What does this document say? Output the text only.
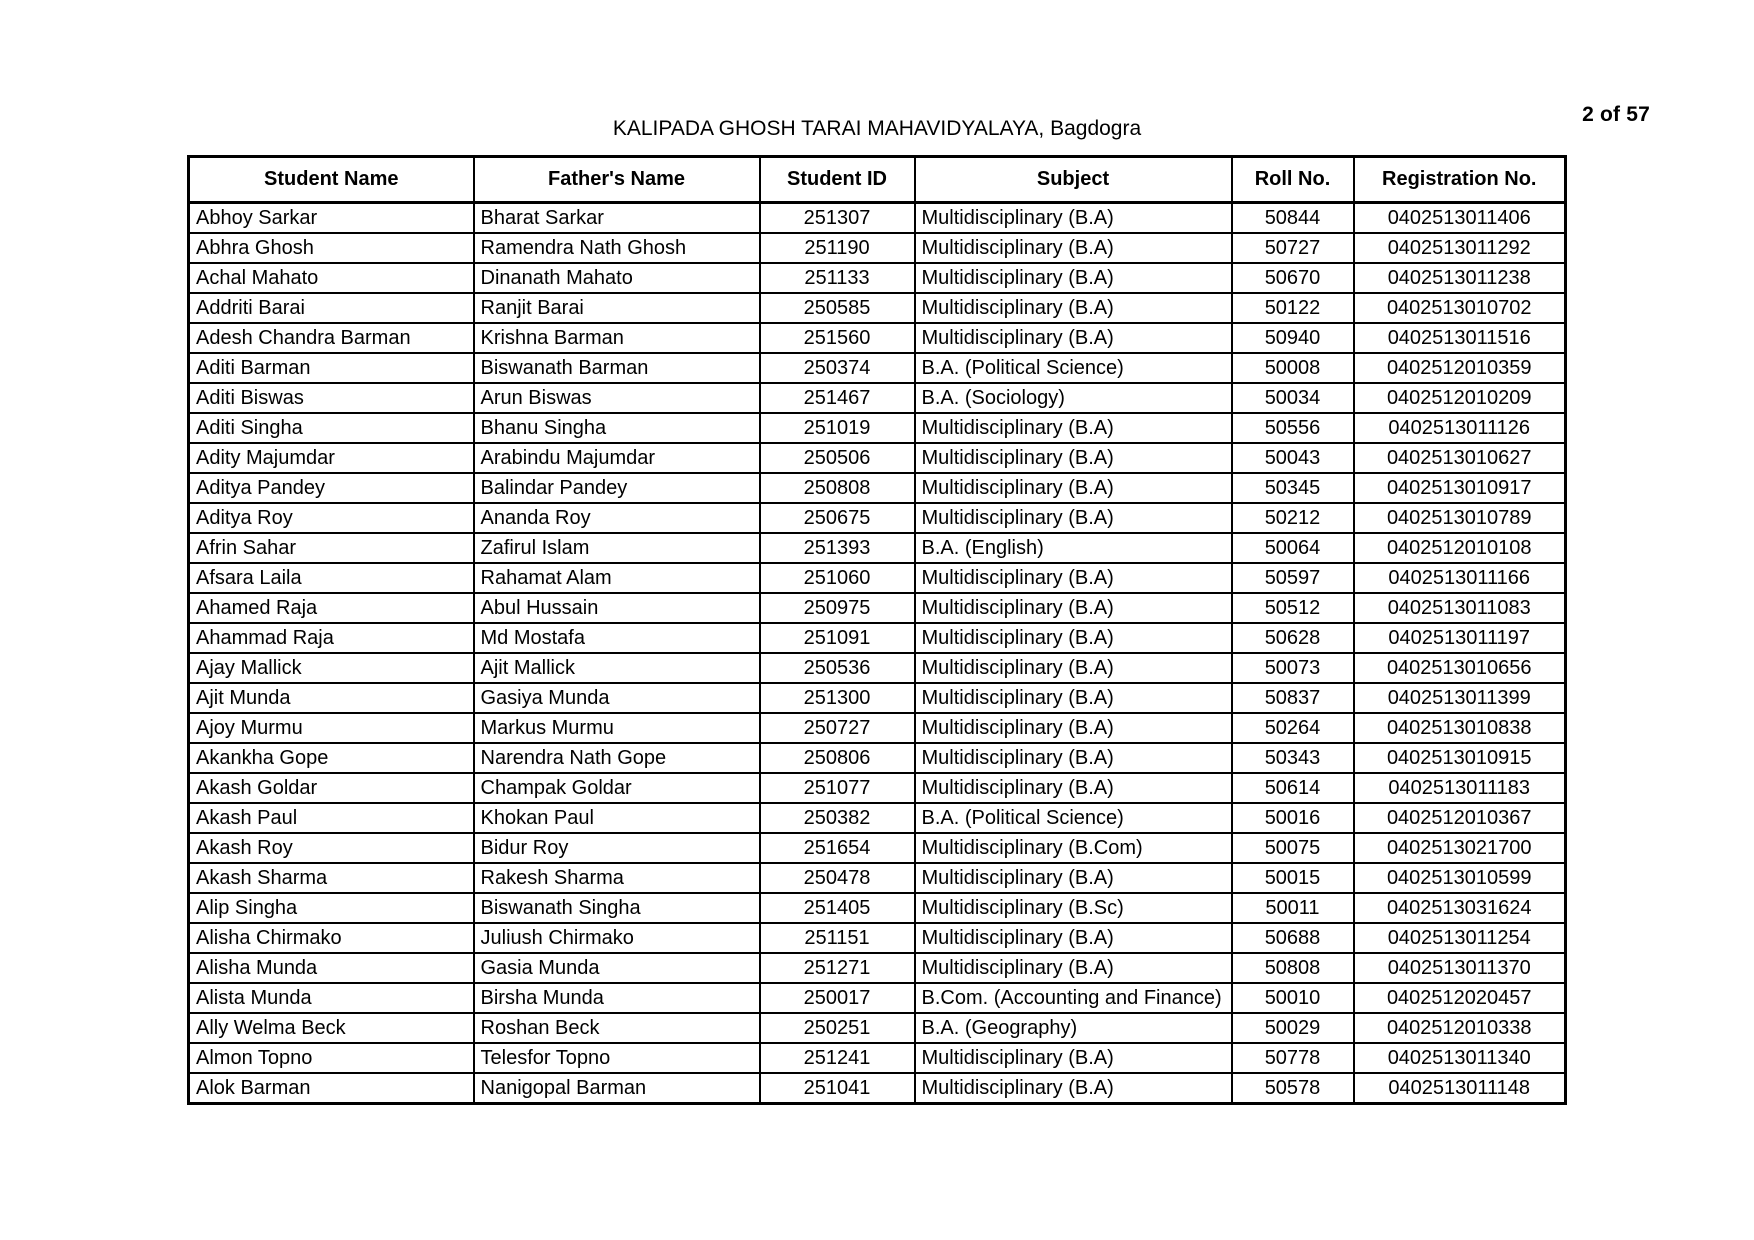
2 of 57
KALIPADA GHOSH TARAI MAHAVIDYALAYA, Bagdogra
Student Name	Father's Name	Student ID	Subject	Roll No.	Registration No.
Abhoy Sarkar	Bharat Sarkar	251307	Multidisciplinary (B.A)	50844	0402513011406
Abhra Ghosh	Ramendra Nath Ghosh	251190	Multidisciplinary (B.A)	50727	0402513011292
Achal Mahato	Dinanath Mahato	251133	Multidisciplinary (B.A)	50670	0402513011238
Addriti Barai	Ranjit Barai	250585	Multidisciplinary (B.A)	50122	0402513010702
Adesh Chandra Barman	Krishna Barman	251560	Multidisciplinary (B.A)	50940	0402513011516
Aditi Barman	Biswanath Barman	250374	B.A. (Political Science)	50008	0402512010359
Aditi Biswas	Arun Biswas	251467	B.A. (Sociology)	50034	0402512010209
Aditi Singha	Bhanu Singha	251019	Multidisciplinary (B.A)	50556	0402513011126
Adity Majumdar	Arabindu Majumdar	250506	Multidisciplinary (B.A)	50043	0402513010627
Aditya Pandey	Balindar Pandey	250808	Multidisciplinary (B.A)	50345	0402513010917
Aditya Roy	Ananda Roy	250675	Multidisciplinary (B.A)	50212	0402513010789
Afrin Sahar	Zafirul Islam	251393	B.A. (English)	50064	0402512010108
Afsara Laila	Rahamat Alam	251060	Multidisciplinary (B.A)	50597	0402513011166
Ahamed Raja	Abul Hussain	250975	Multidisciplinary (B.A)	50512	0402513011083
Ahammad Raja	Md Mostafa	251091	Multidisciplinary (B.A)	50628	0402513011197
Ajay Mallick	Ajit Mallick	250536	Multidisciplinary (B.A)	50073	0402513010656
Ajit Munda	Gasiya Munda	251300	Multidisciplinary (B.A)	50837	0402513011399
Ajoy Murmu	Markus Murmu	250727	Multidisciplinary (B.A)	50264	0402513010838
Akankha Gope	Narendra Nath Gope	250806	Multidisciplinary (B.A)	50343	0402513010915
Akash Goldar	Champak Goldar	251077	Multidisciplinary (B.A)	50614	0402513011183
Akash Paul	Khokan Paul	250382	B.A. (Political Science)	50016	0402512010367
Akash Roy	Bidur Roy	251654	Multidisciplinary (B.Com)	50075	0402513021700
Akash Sharma	Rakesh Sharma	250478	Multidisciplinary (B.A)	50015	0402513010599
Alip Singha	Biswanath Singha	251405	Multidisciplinary (B.Sc)	50011	0402513031624
Alisha Chirmako	Juliush Chirmako	251151	Multidisciplinary (B.A)	50688	0402513011254
Alisha Munda	Gasia Munda	251271	Multidisciplinary (B.A)	50808	0402513011370
Alista Munda	Birsha Munda	250017	B.Com. (Accounting and Finance)	50010	0402512020457
Ally Welma Beck	Roshan Beck	250251	B.A. (Geography)	50029	0402512010338
Almon Topno	Telesfor Topno	251241	Multidisciplinary (B.A)	50778	0402513011340
Alok Barman	Nanigopal Barman	251041	Multidisciplinary (B.A)	50578	0402513011148
